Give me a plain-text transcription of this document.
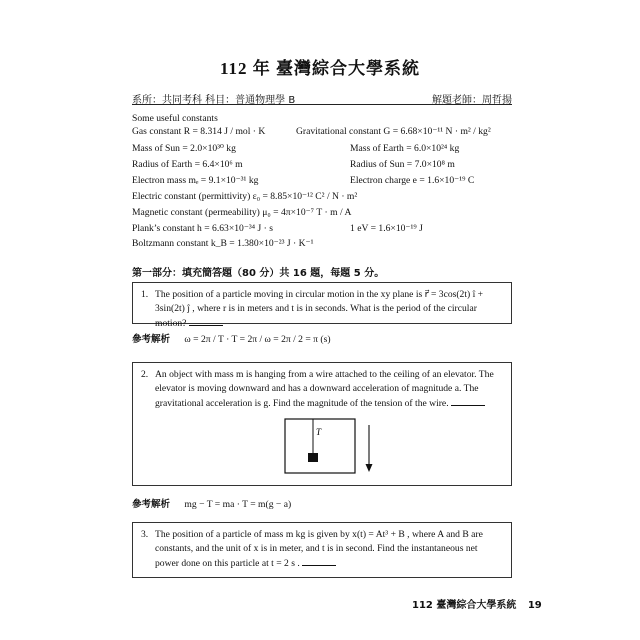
112 年 臺灣綜合大學系統
系所：共同考科 科目：普通物理學 B	解題老師：周哲揚
Some useful constants
Gas constant R = 8.314 J / mol · K	Gravitational constant G = 6.68×10⁻¹¹ N · m² / kg²
Mass of Sun = 2.0×10³⁰ kg	Mass of Earth = 6.0×10²⁴ kg
Radius of Earth = 6.4×10⁶ m	Radius of Sun = 7.0×10⁸ m
Electron mass mₑ = 9.1×10⁻³¹ kg	Electron charge e = 1.6×10⁻¹⁹ C
Electric constant (permittivity) ε₀ = 8.85×10⁻¹² C² / N · m²
Magnetic constant (permeability) μ₀ = 4π×10⁻⁷ T · m / A
Plank’s constant h = 6.63×10⁻³⁴ J · s	1 eV = 1.6×10⁻¹⁹ J
Boltzmann constant k_B = 1.380×10⁻²³ J · K⁻¹
第一部分：填充簡答題（80 分）共 16 題，每題 5 分。
1. The position of a particle moving in circular motion in the xy plane is r⃗ = 3cos(2t) î + 3sin(2t) ĵ , where r is in meters and t is in seconds. What is the period of the circular motion?
參考解析 ω = 2π / T · T = 2π / ω = 2π / 2 = π (s)
2. An object with mass m is hanging from a wire attached to the ceiling of an elevator. The elevator is moving downward and has a downward acceleration of magnitude a. The gravitational acceleration is g. Find the magnitude of the tension of the wire.
T
參考解析 mg − T = ma · T = m(g − a)
3. The position of a particle of mass m kg is given by x(t) = At³ + B , where A and B are constants, and the unit of x is in meter, and t is in second. Find the instantaneous net power done on this particle at t = 2 s .
112 臺灣綜合大學系統 19
